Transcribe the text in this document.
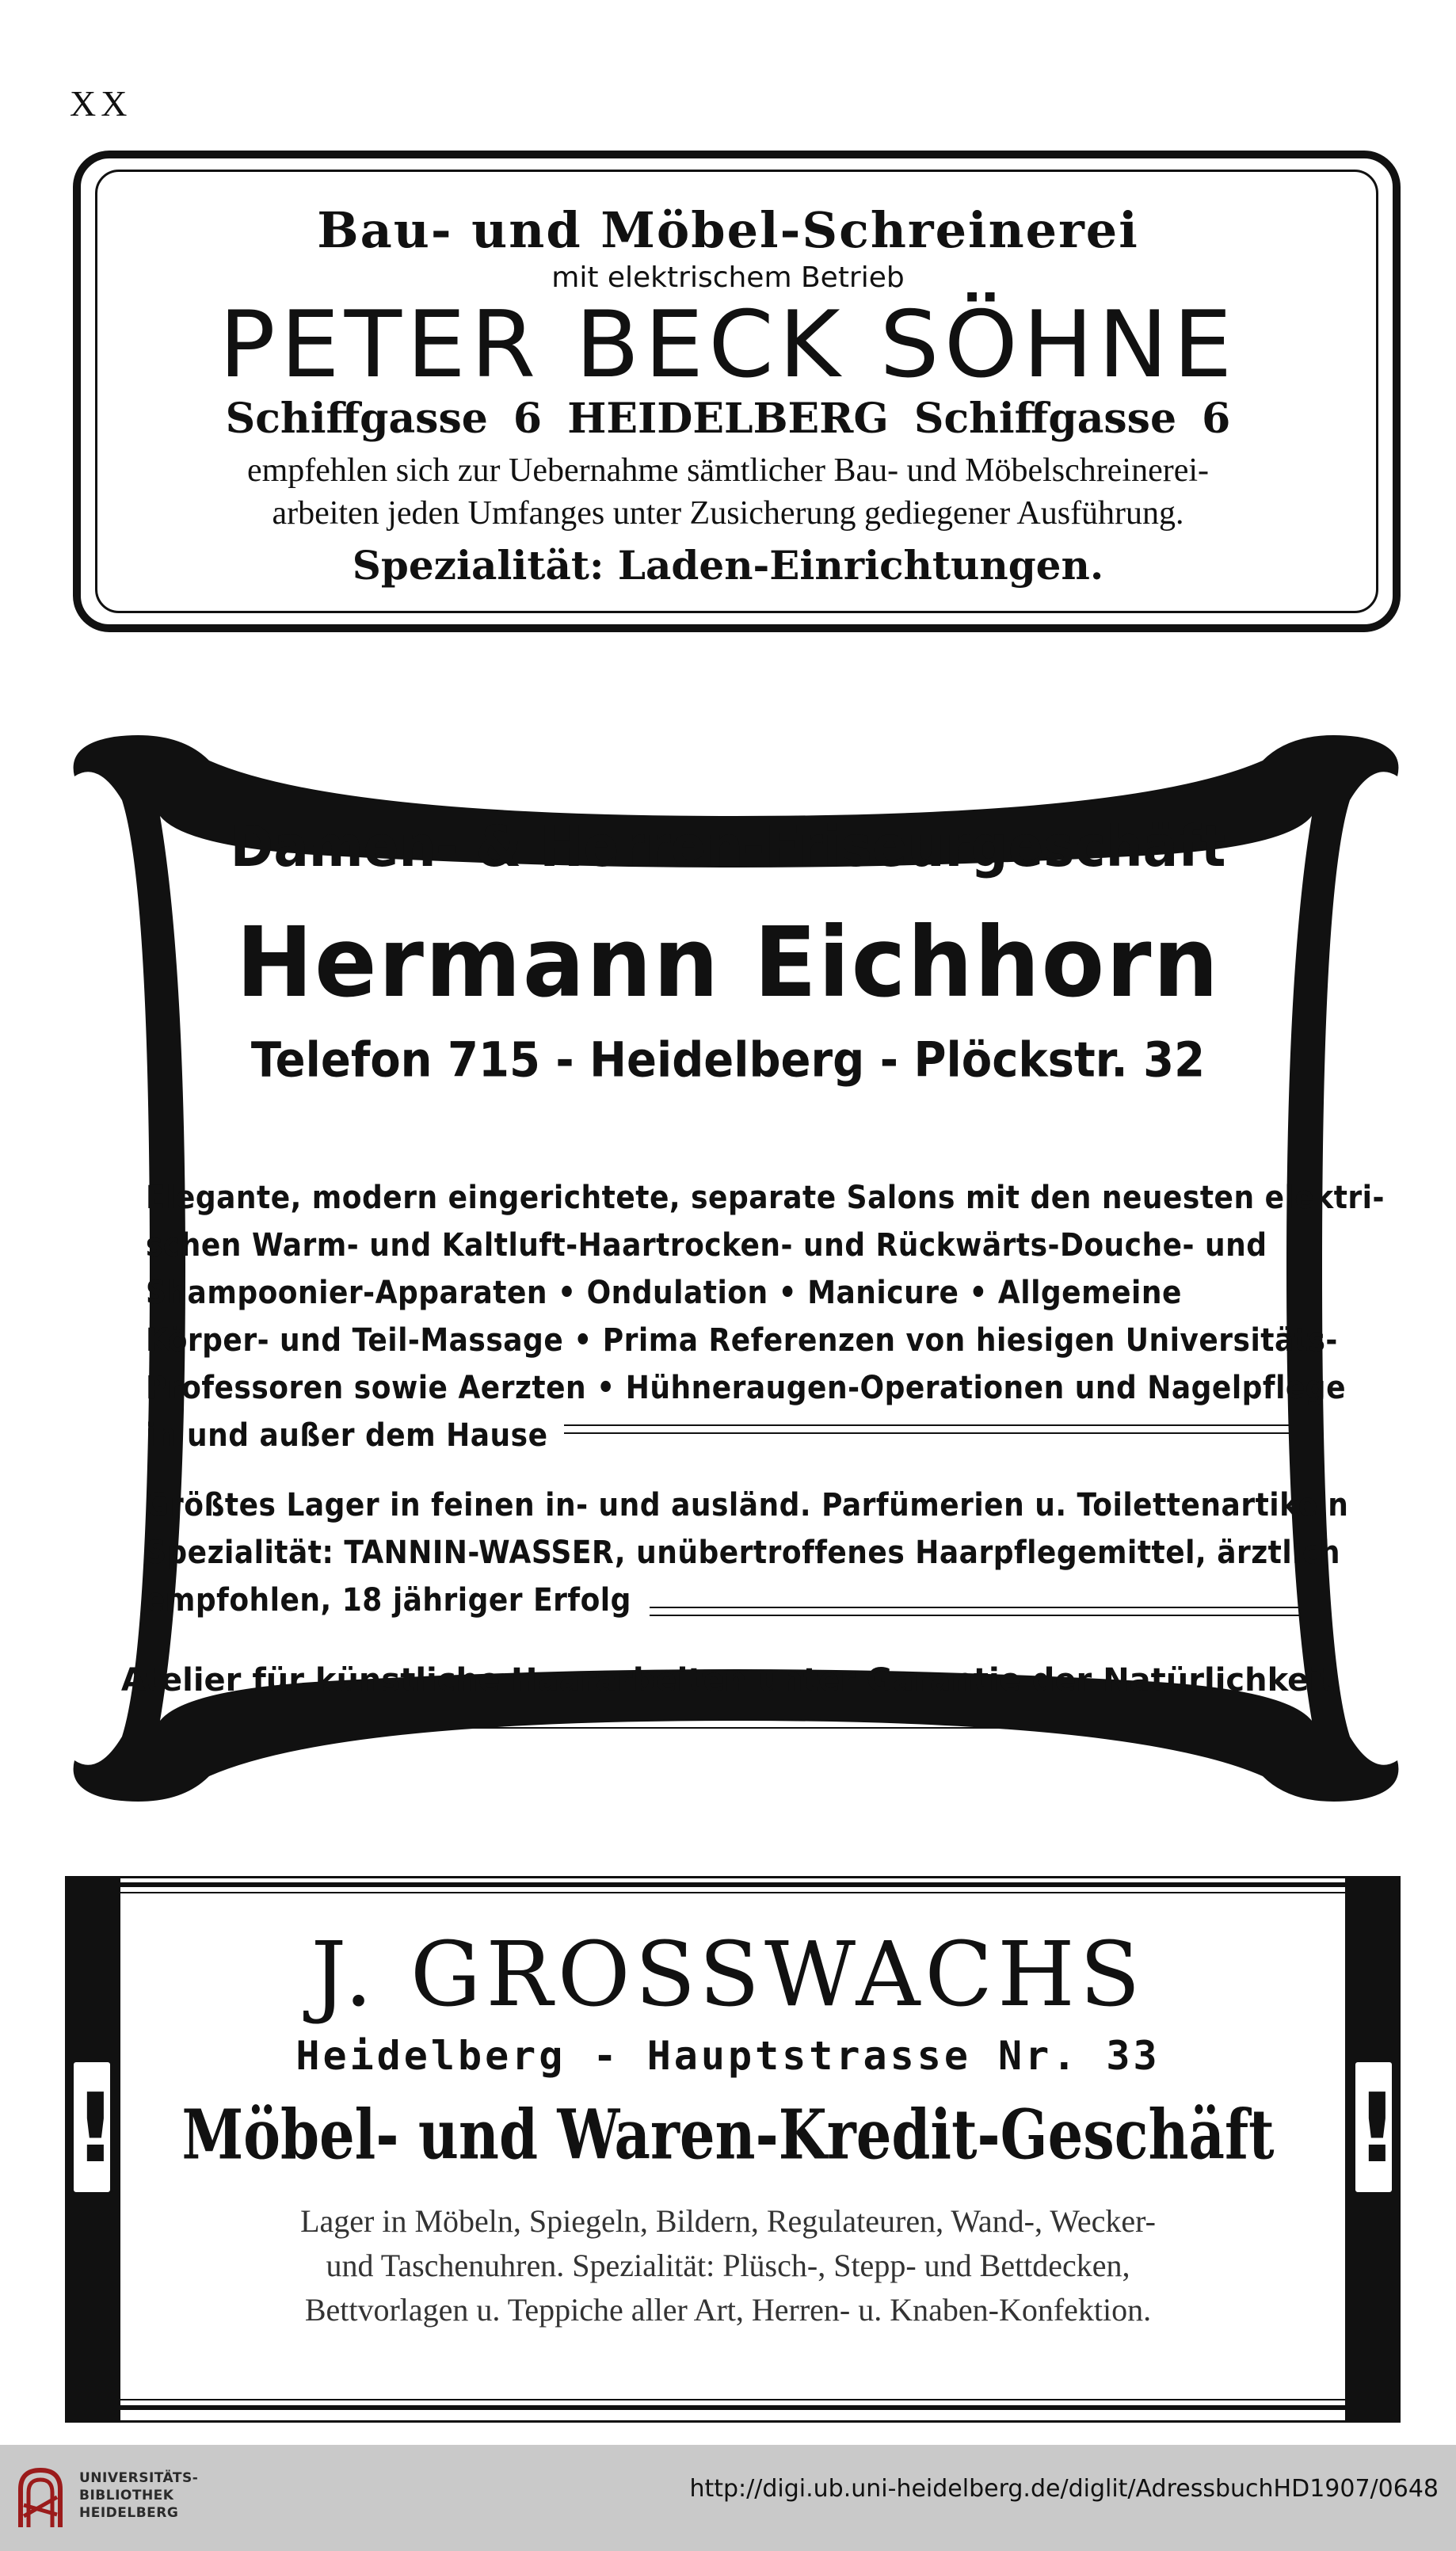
XX
Bau- und Möbel-Schreinerei
mit elektrischem Betrieb
PETER BECK SÖHNE
Schiffgasse 6 HEIDELBERG Schiffgasse 6
empfehlen sich zur Uebernahme sämtlicher Bau- und Möbelschreinerei-
arbeiten jeden Umfanges unter Zusicherung gediegener Ausführung.
Spezialität: Laden-Einrichtungen.
Damen- & Herren-Friseurgeschäft
Hermann Eichhorn
Telefon 715 - Heidelberg - Plöckstr. 32
Elegante, modern eingerichtete, separate Salons mit den neuesten elektri-
schen Warm- und Kaltluft-Haartrocken- und Rückwärts-Douche- und
Shampoonier-Apparaten • Ondulation • Manicure • Allgemeine
Körper- und Teil-Massage • Prima Referenzen von hiesigen Universitäts-
Professoren sowie Aerzten • Hühneraugen-Operationen und Nagelpflege
in und außer dem Hause
Größtes Lager in feinen in- und ausländ. Parfümerien u. Toilettenartikeln
Spezialität: TANNIN-WASSER, unübertroffenes Haarpflegemittel, ärztlich
empfohlen, 18 jähriger Erfolg
Atelier für künstliche Haararbeiten unter Garantie der Natürlichkeit
!	!
J. GROSSWACHS
Heidelberg - Hauptstrasse Nr. 33
Möbel- und Waren-Kredit-Geschäft
Lager in Möbeln, Spiegeln, Bildern, Regulateuren, Wand-, Wecker-
und Taschenuhren. Spezialität: Plüsch-, Stepp- und Bettdecken,
Bettvorlagen u. Teppiche aller Art, Herren- u. Knaben-Konfektion.
UNIVERSITÄTS-
BIBLIOTHEK
HEIDELBERG
http://digi.ub.uni-heidelberg.de/diglit/AdressbuchHD1907/0648
